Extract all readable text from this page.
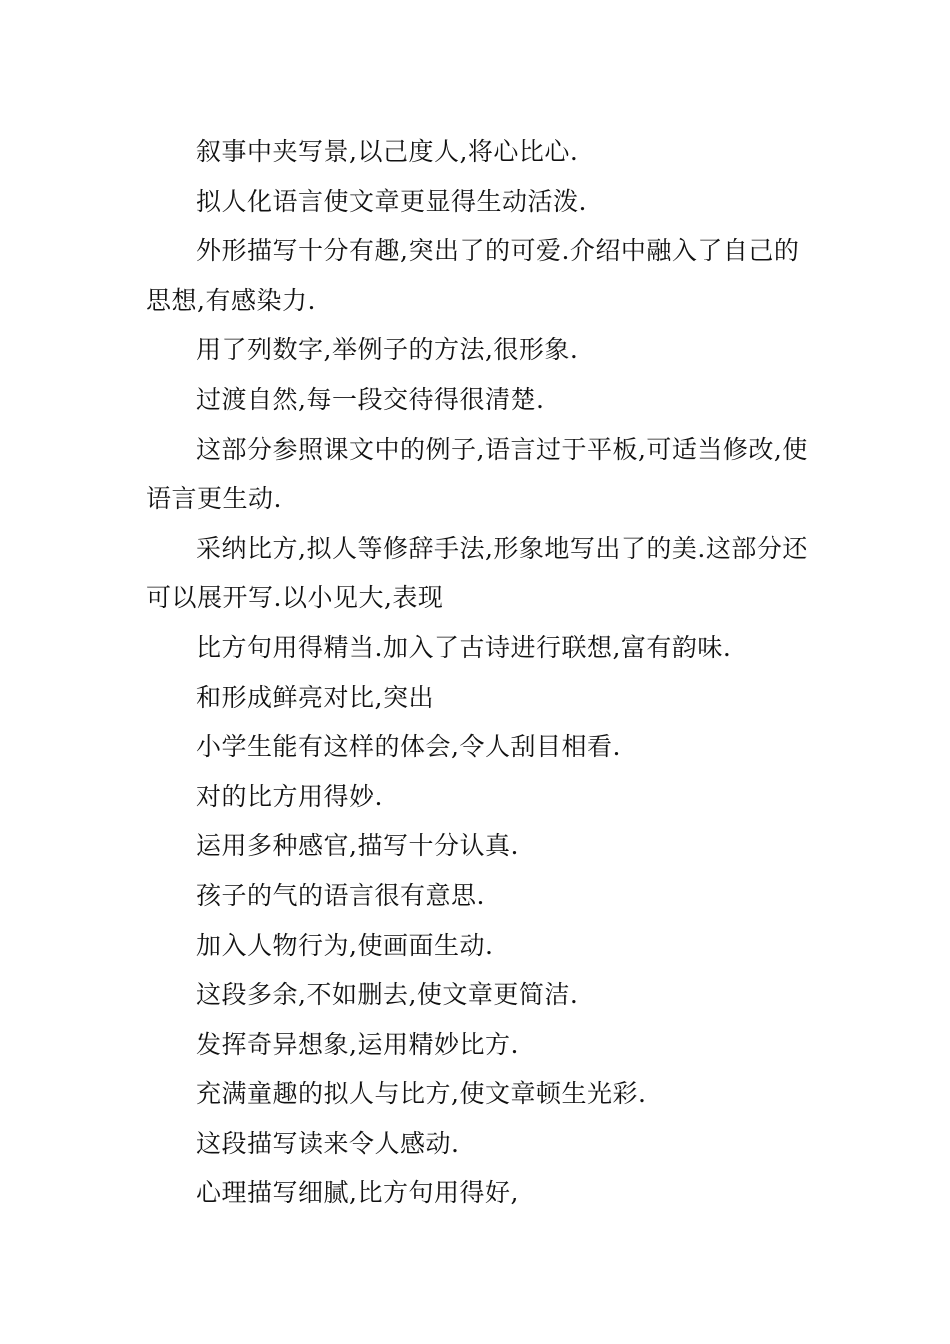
叙事中夹写景,以己度人,将心比心.

拟人化语言使文章更显得生动活泼.

外形描写十分有趣,突出了的可爱.介绍中融入了自己的思想,有感染力.

用了列数字,举例子的方法,很形象.

过渡自然,每一段交待得很清楚.

这部分参照课文中的例子,语言过于平板,可适当修改,使语言更生动.

采纳比方,拟人等修辞手法,形象地写出了的美.这部分还可以展开写.以小见大,表现

比方句用得精当.加入了古诗进行联想,富有韵味.

和形成鲜亮对比,突出

小学生能有这样的体会,令人刮目相看.

对的比方用得妙.

运用多种感官,描写十分认真.

孩子的气的语言很有意思.

加入人物行为,使画面生动.

这段多余,不如删去,使文章更简洁.

发挥奇异想象,运用精妙比方.

充满童趣的拟人与比方,使文章顿生光彩.

这段描写读来令人感动.

心理描写细腻,比方句用得好,
